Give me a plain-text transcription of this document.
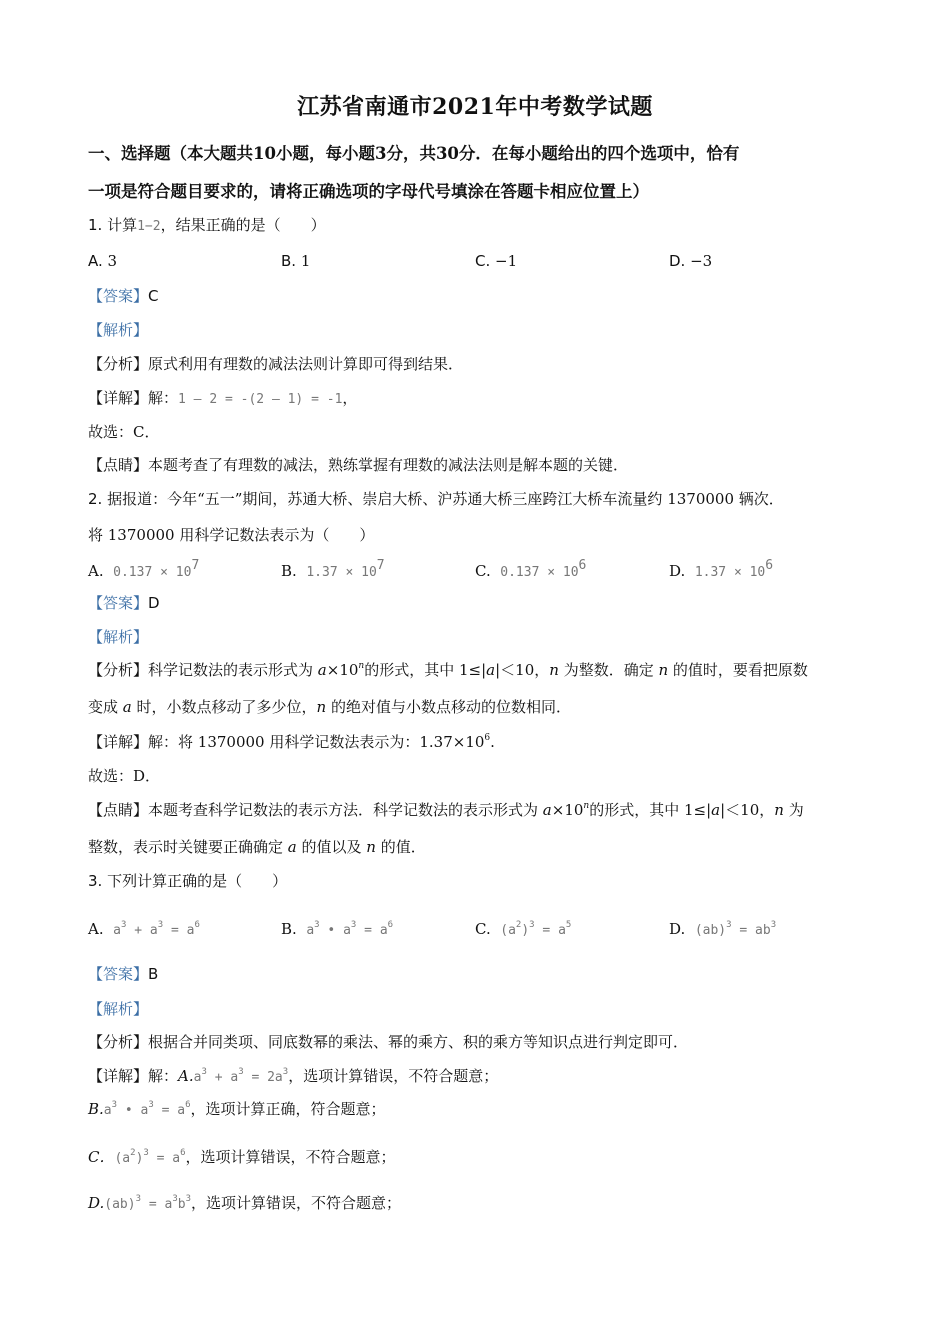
江苏省南通市2021年中考数学试题
一、选择题（本大题共10小题，每小题3分，共30分．在每小题给出的四个选项中，恰有
一项是符合题目要求的，请将正确选项的字母代号填涂在答题卡相应位置上）
1. 计算1−2，结果正确的是（　　）
A. 3	B. 1	C. −1	D. −3
【答案】C
【解析】
【分析】原式利用有理数的减法法则计算即可得到结果．
【详解】解：1 – 2 = -(2 – 1) = -1，
故选：C．
【点睛】本题考查了有理数的减法，熟练掌握有理数的减法法则是解本题的关键．
2. 据报道：今年“五一”期间，苏通大桥、崇启大桥、沪苏通大桥三座跨江大桥车流量约 1370000 辆次．
将 1370000 用科学记数法表示为（　　）
A. $0.137 \times 10^7$	B. $1.37 \times 10^7$	C. $0.137 \times 10^6$	D. $1.37 \times 10^6$
【答案】D
【解析】
【分析】科学记数法的表示形式为 $a\times 10^n$的形式，其中 1≤|a|＜10，n 为整数．确定 n 的值时，要看把原数
变成 a 时，小数点移动了多少位，n 的绝对值与小数点移动的位数相同．
【详解】解：将 1370000 用科学记数法表示为：$1.37\times 10^6$.
故选：D．
【点睛】本题考查科学记数法的表示方法．科学记数法的表示形式为 $a\times 10^n$的形式，其中 1≤|a|＜10，n 为
整数，表示时关键要正确确定 a 的值以及 n 的值．
3. 下列计算正确的是（　　）
A. $a^3 + a^3 = a^6$	B. $a^3$ • $a^3 = a^6$	C. $(a^2)^3 = a^5$	D. $(ab)^3 = ab^3$
【答案】B
【解析】
【分析】根据合并同类项、同底数幂的乘法、幂的乘方、积的乘方等知识点进行判定即可．
【详解】解：$A.a^3 + a^3 = 2a^3$，选项计算错误，不符合题意；
$B.a^3$ • $a^3 = a^6$，选项计算正确，符合题意；
C．$(a^2)^3 = a^6$，选项计算错误，不符合题意；
$D.(ab)^3 = a^3b^3$，选项计算错误，不符合题意；
